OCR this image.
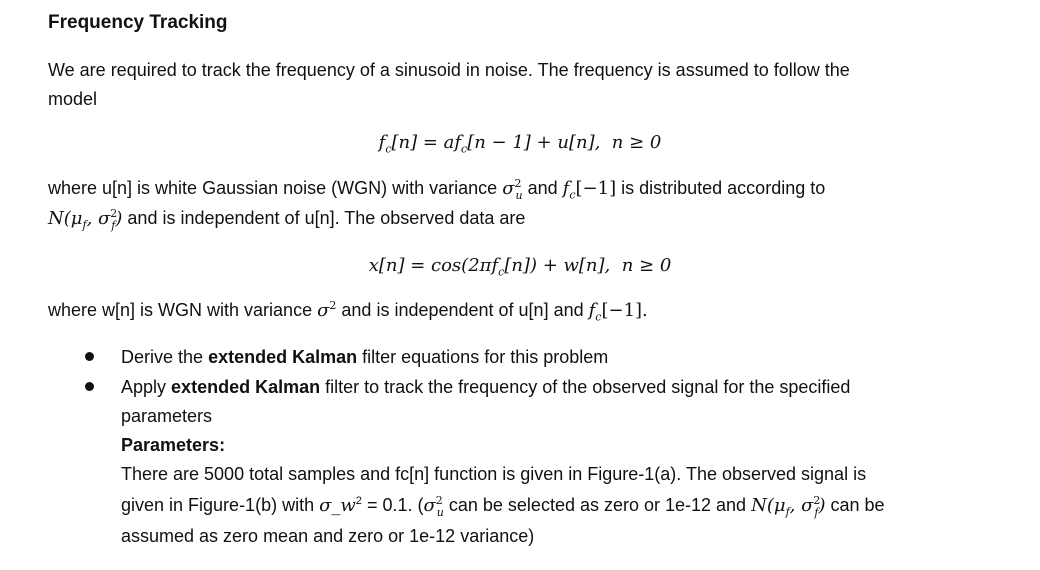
Frequency Tracking
We are required to track the frequency of a sinusoid in noise. The frequency is assumed to follow the
model
$f_c[n] = af_c[n - 1] + u[n]$, n ≥ 0
where u[n] is white Gaussian noise (WGN) with variance $\sigma^2_u$ and $f_c[-1]$ is distributed according to
$N(\mu_f$, $\sigma^2_f$) and is independent of u[n]. The observed data are
$x[n] = \cos(2\pi f_c[n]) + w[n]$, n ≥ 0
where w[n] is WGN with variance $\sigma^2$ and is independent of u[n] and $f_c[-1]$.
Derive the extended Kalman filter equations for this problem
Apply extended Kalman filter to track the frequency of the observed signal for the specified
parameters
Parameters:
There are 5000 total samples and fc[n] function is given in Figure-1(a). The observed signal is
given in Figure-1(b) with $\sigma\_w^2 = 0.1$. ($\sigma^2_u$ can be selected as zero or 1e-12 and $N(\mu_f$, $\sigma^2_f$) can be
assumed as zero mean and zero or 1e-12 variance)
